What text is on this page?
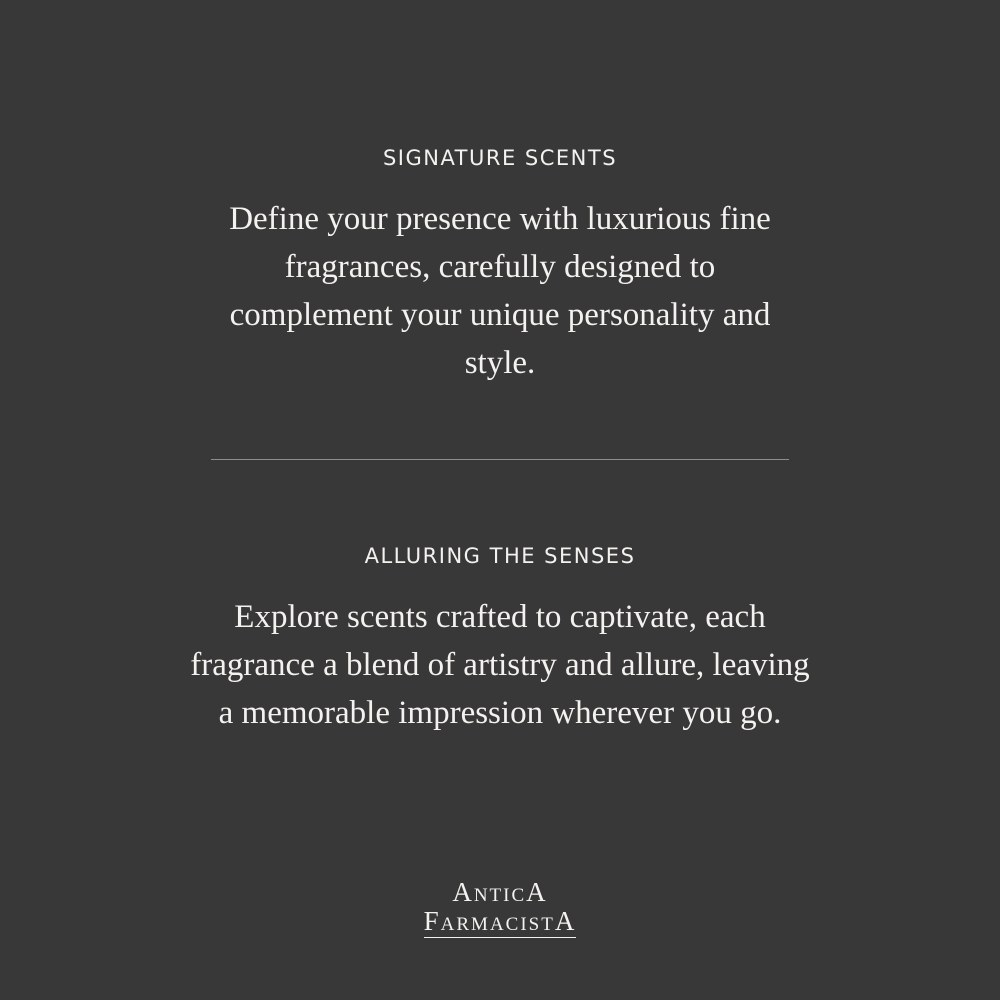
SIGNATURE SCENTS

Define your presence with luxurious fine fragrances, carefully designed to complement your unique personality and style.

ALLURING THE SENSES

Explore scents crafted to captivate, each fragrance a blend of artistry and allure, leaving a memorable impression wherever you go.

AnticA
FarmacistA
